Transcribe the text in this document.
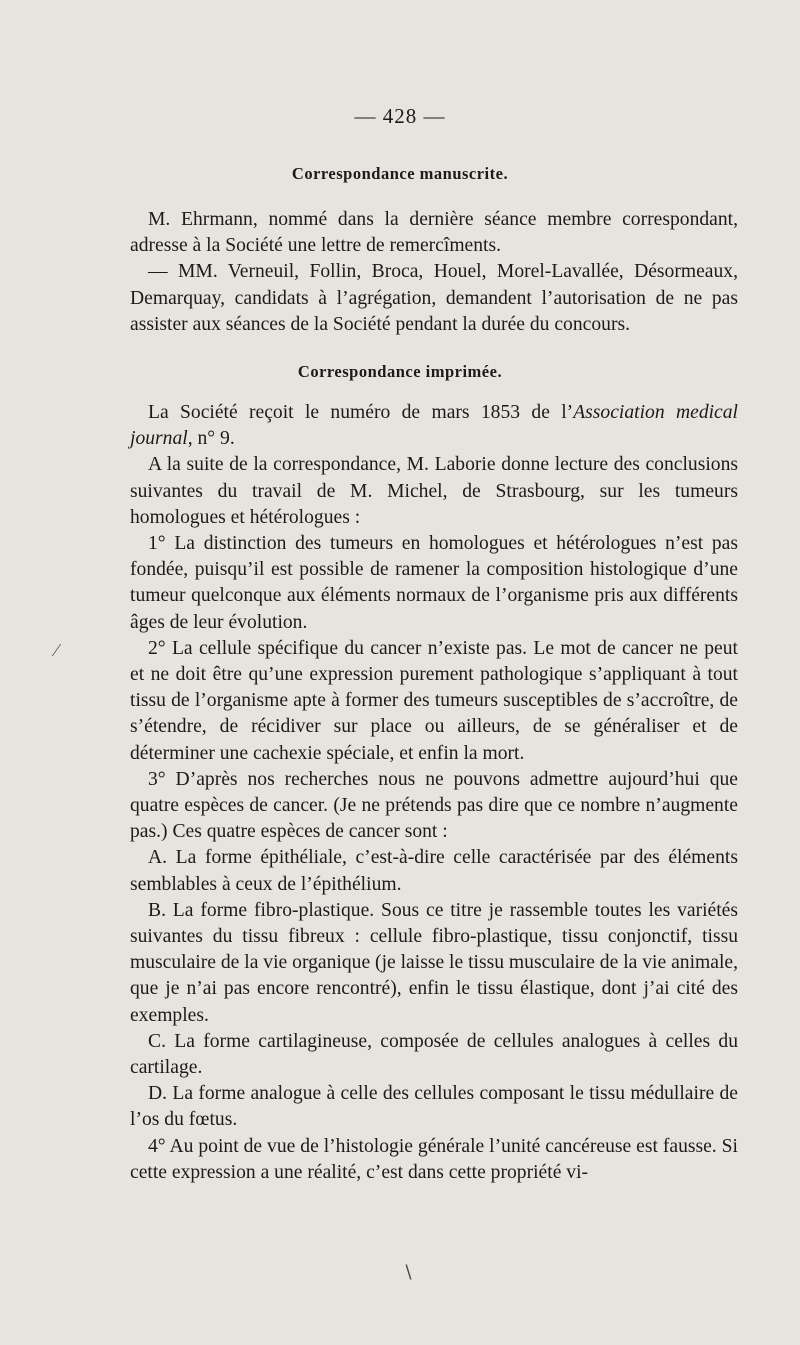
— 428 —
Correspondance manuscrite.

M. Ehrmann, nommé dans la dernière séance membre correspondant, adresse à la Société une lettre de remercîments.

— MM. Verneuil, Follin, Broca, Houel, Morel-Lavallée, Désormeaux, Demarquay, candidats à l’agrégation, demandent l’autorisation de ne pas assister aux séances de la Société pendant la durée du concours.

Correspondance imprimée.

La Société reçoit le numéro de mars 1853 de l’Association medical journal, n° 9.

A la suite de la correspondance, M. Laborie donne lecture des conclusions suivantes du travail de M. Michel, de Strasbourg, sur les tumeurs homologues et hétérologues :

1° La distinction des tumeurs en homologues et hétérologues n’est pas fondée, puisqu’il est possible de ramener la composition histologique d’une tumeur quelconque aux éléments normaux de l’organisme pris aux différents âges de leur évolution.

2° La cellule spécifique du cancer n’existe pas. Le mot de cancer ne peut et ne doit être qu’une expression purement pathologique s’appliquant à tout tissu de l’organisme apte à former des tumeurs susceptibles de s’accroître, de s’étendre, de récidiver sur place ou ailleurs, de se généraliser et de déterminer une cachexie spéciale, et enfin la mort.

3° D’après nos recherches nous ne pouvons admettre aujourd’hui que quatre espèces de cancer. (Je ne prétends pas dire que ce nombre n’augmente pas.) Ces quatre espèces de cancer sont :

A. La forme épithéliale, c’est-à-dire celle caractérisée par des éléments semblables à ceux de l’épithélium.

B. La forme fibro-plastique. Sous ce titre je rassemble toutes les variétés suivantes du tissu fibreux : cellule fibro-plastique, tissu conjonctif, tissu musculaire de la vie organique (je laisse le tissu musculaire de la vie animale, que je n’ai pas encore rencontré), enfin le tissu élastique, dont j’ai cité des exemples.

C. La forme cartilagineuse, composée de cellules analogues à celles du cartilage.

D. La forme analogue à celle des cellules composant le tissu médullaire de l’os du fœtus.

4° Au point de vue de l’histologie générale l’unité cancéreuse est fausse. Si cette expression a une réalité, c’est dans cette propriété vi-

⁄
∖
